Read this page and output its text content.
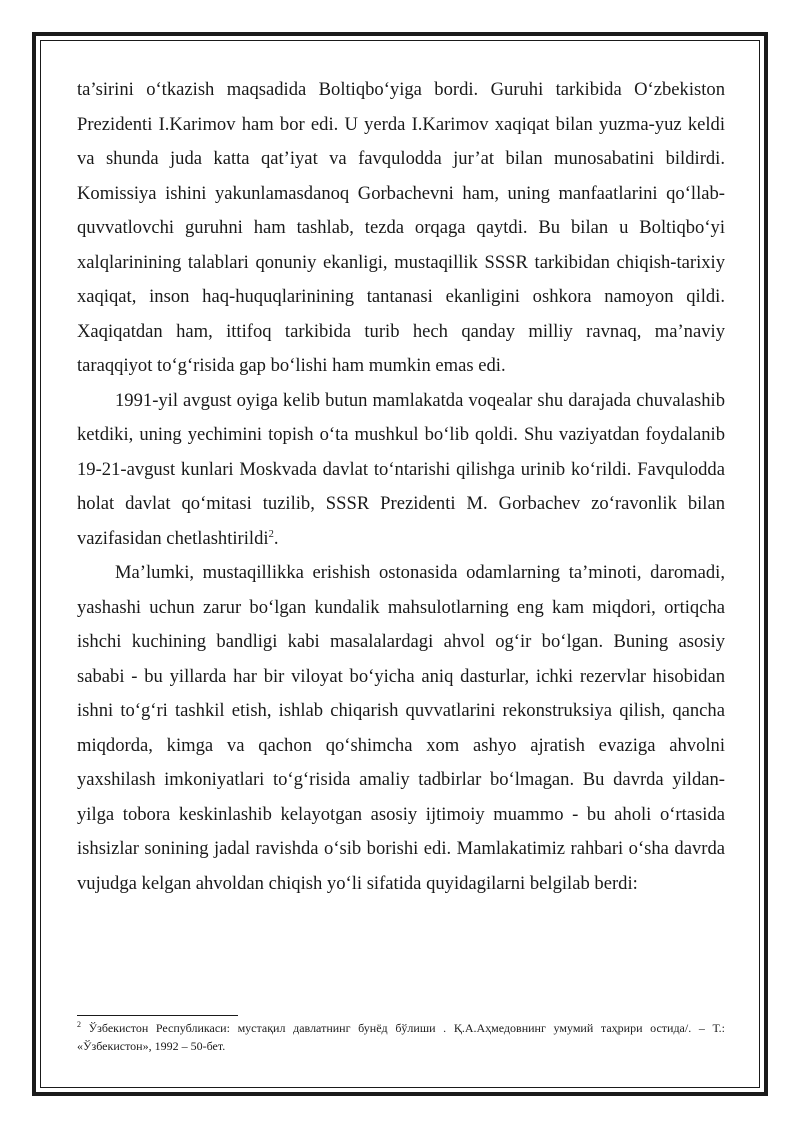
ta’sirini o‘tkazish maqsadida Boltiqbo‘yiga bordi. Guruhi tarkibida O‘zbekiston Prezidenti I.Karimov ham bor edi. U yerda I.Karimov xaqiqat bilan yuzma-yuz keldi va shunda juda katta qat’iyat va favqulodda jur’at bilan munosabatini bildirdi. Komissiya ishini yakunlamasdanoq Gorbachevni ham, uning manfaatlarini qo‘llab-quvvatlovchi guruhni ham tashlab, tezda orqaga qaytdi. Bu bilan u Boltiqbo‘yi xalqlarinining talablari qonuniy ekanligi, mustaqillik SSSR tarkibidan chiqish-tarixiy xaqiqat, inson haq-huquqlarinining tantanasi ekanligini oshkora namoyon qildi. Xaqiqatdan ham, ittifoq tarkibida turib hech qanday milliy ravnaq, ma’naviy taraqqiyot to‘g‘risida gap bo‘lishi ham mumkin emas edi.

1991-yil avgust oyiga kelib butun mamlakatda voqealar shu darajada chuvalashib ketdiki, uning yechimini topish o‘ta mushkul bo‘lib qoldi. Shu vaziyatdan foydalanib 19-21-avgust kunlari Moskvada davlat to‘ntarishi qilishga urinib ko‘rildi. Favqulodda holat davlat qo‘mitasi tuzilib, SSSR Prezidenti M. Gorbachev zo‘ravonlik bilan vazifasidan chetlashtirildi$^2$.

Ma’lumki, mustaqillikka erishish ostonasida odamlarning ta’minoti, daromadi, yashashi uchun zarur bo‘lgan kundalik mahsulotlarning eng kam miqdori, ortiqcha ishchi kuchining bandligi kabi masalalardagi ahvol og‘ir bo‘lgan. Buning asosiy sababi - bu yillarda har bir viloyat bo‘yicha aniq dasturlar, ichki rezervlar hisobidan ishni to‘g‘ri tashkil etish, ishlab chiqarish quvvatlarini rekonstruksiya qilish, qancha miqdorda, kimga va qachon qo‘shimcha xom ashyo ajratish evaziga ahvolni yaxshilash imkoniyatlari to‘g‘risida amaliy tadbirlar bo‘lmagan. Bu davrda yildan-yilga tobora keskinlashib kelayotgan asosiy ijtimoiy muammo - bu aholi o‘rtasida ishsizlar sonining jadal ravishda o‘sib borishi edi. Mamlakatimiz rahbari o‘sha davrda vujudga kelgan ahvoldan chiqish yo‘li sifatida quyidagilarni belgilab berdi:

$^2$ Ўзбекистон Республикаси: мустақил давлатнинг бунёд бўлиши . Қ.А.Аҳмедовнинг умумий таҳрири остида/. – Т.: «Ўзбекистон», 1992 – 50-бет.
